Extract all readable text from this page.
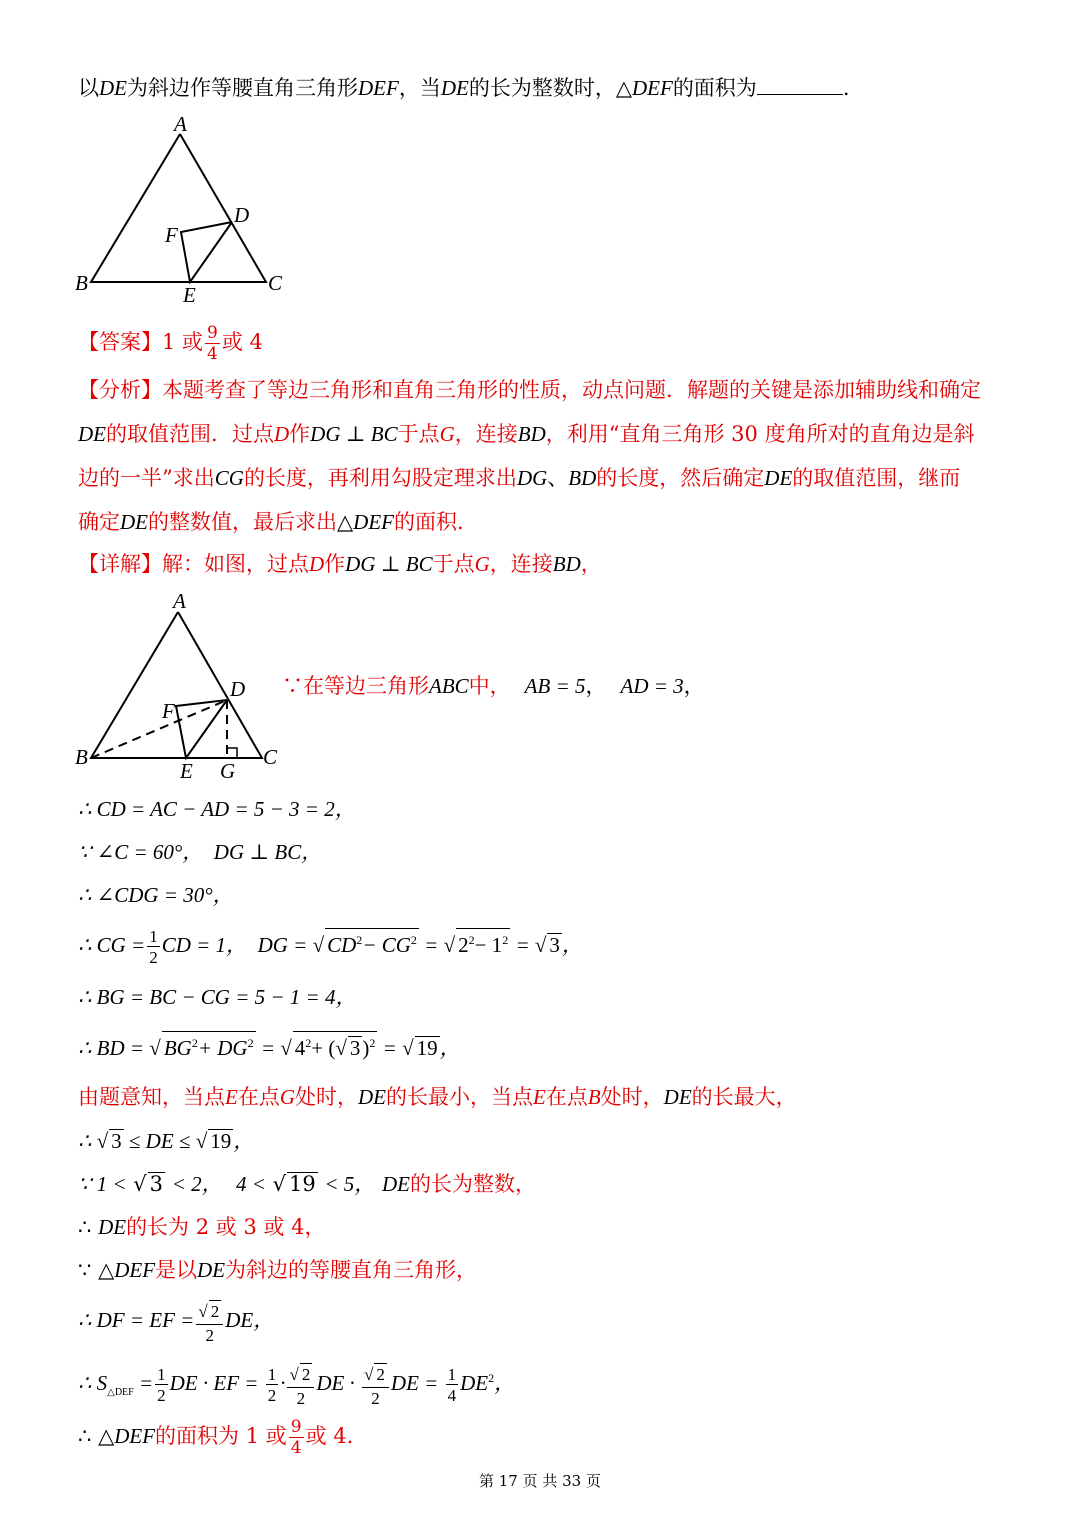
以DE为斜边作等腰直角三角形DEF，当DE的长为整数时，△DEF的面积为	.
A
B	C
D
E
F
【答案】1 或 $\frac{9}{4}$ 或 4
【分析】本题考查了等边三角形和直角三角形的性质，动点问题．解题的关键是添加辅助线和确定
DE的取值范围．过点D作DG ⊥ BC于点G，连接BD，利用“直角三角形 30 度角所对的直角边是斜
边的一半”求出CG的长度，再利用勾股定理求出DG、BD的长度，然后确定DE的取值范围，继而
确定DE的整数值，最后求出△DEF的面积.
【详解】解：如图，过点D作DG ⊥ BC于点G，连接BD，
A
B	C
D
E
F
G
∵在等边三角形ABC中， AB = 5， AD = 3，
∴ CD = AC − AD = 5 − 3 = 2，
∵ ∠C = 60°， DG ⊥ BC，
∴ ∠CDG = 30°，
∴ CG = $\frac{1}{2}$ CD = 1， DG = √ $CD^2- CG^2$ = √ $2^2- 1^2$ = √ 3，
∴ BG = BC − CG = 5 − 1 = 4，
∴ BD = √ $BG^2+ DG^2$ = √ $4^2+$ (√ 3)$^2$ = √ 19，
由题意知，当点E在点G处时，DE的长最小，当点E在点B处时，DE的长最大，
∴ √ 3 ≤ DE ≤ √ 19，
∵ 1 < √ 3 < 2， 4 < √ 19 < 5， DE的长为整数，
∴ DE的长为 2 或 3 或 4，
∵ △DEF是以DE为斜边的等腰直角三角形，
∴ DF = EF = $\frac{√ 2}{2}$ DE，
∴ $S_{\triangle DEF} = \frac{1}{2}$ DE · EF = $\frac{1}{2} \cdot \frac{√ 2}{2}$ DE · $\frac{√ 2}{2}$ DE = $\frac{1}{4} DE^2$，
∴ △DEF的面积为 1 或 $\frac{9}{4}$ 或 4.
第 17 页 共 33 页
